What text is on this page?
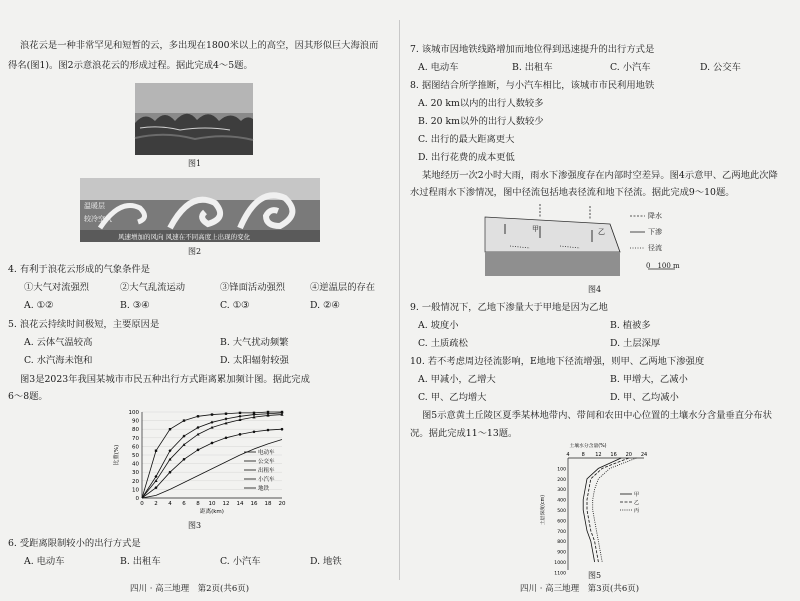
浪花云是一种非常罕见和短暂的云，多出现在1800米以上的高空，因其形似巨大海浪而
得名(图1)。图2示意浪花云的形成过程。据此完成4～5题。
图1
温暖层
较冷空气
风速增加的风向 风速在不同高度上出现的变化
图2
4. 有利于浪花云形成的气象条件是
①大气对流强烈	②大气乱流运动	③锋面活动强烈	④逆温层的存在
A. ①②	B. ③④	C. ①③	D. ②④
5. 浪花云持续时间极短，主要原因是
A. 云体气温较高	B. 大气扰动频繁
C. 水汽海未饱和	D. 太阳辐射较强
图3是2023年我国某城市市民五种出行方式距离累加频计图。据此完成
6～8题。
0
10
20
30
40
50
60
70
80
90
100
0 2 4 6 8 10 12 14 16 18 20
距离(km)
比重(%)	电动车
公交车
出租车
小汽车
地铁
图3
6. 受距离限制较小的出行方式是
A. 电动车	B. 出租车	C. 小汽车	D. 地铁
四川 · 高三地理　第2页(共6页)
7. 该城市因地铁线路增加而地位得到迅速提升的出行方式是
A. 电动车	B. 出租车	C. 小汽车	D. 公交车
8. 据图结合所学推断，与小汽车相比，该城市市民利用地铁
A. 20 km以内的出行人数较多
B. 20 km以外的出行人数较少
C. 出行的最大距离更大
D. 出行花费的成本更低
某地经历一次2小时大雨，雨水下渗强度存在内部时空差异。图4示意甲、乙两地此次降
水过程雨水下渗情况，图中径流包括地表径流和地下径流。据此完成9～10题。
降水
下渗
径流
甲	乙
0　100 m
图4
9. 一般情况下，乙地下渗量大于甲地是因为乙地
A. 坡度小	B. 植被多
C. 土质疏松	D. 土层深厚
10. 若不考虑周边径流影响，E地地下径流增强，则甲、乙两地下渗强度
A. 甲减小，乙增大	B. 甲增大，乙减小
C. 甲、乙均增大	D. 甲、乙均减小
图5示意黄土丘陵区夏季某林地带内、带间和农田中心位置的土壤水分含量垂直分布状
况。据此完成11～13题。
4 8 12 16 20 24
100
200
300
400
500
600
700
800
900
1000
1100
土壤水分含量(%)
土层深度(cm)	甲
乙
丙
图5
四川 · 高三地理　第3页(共6页)
